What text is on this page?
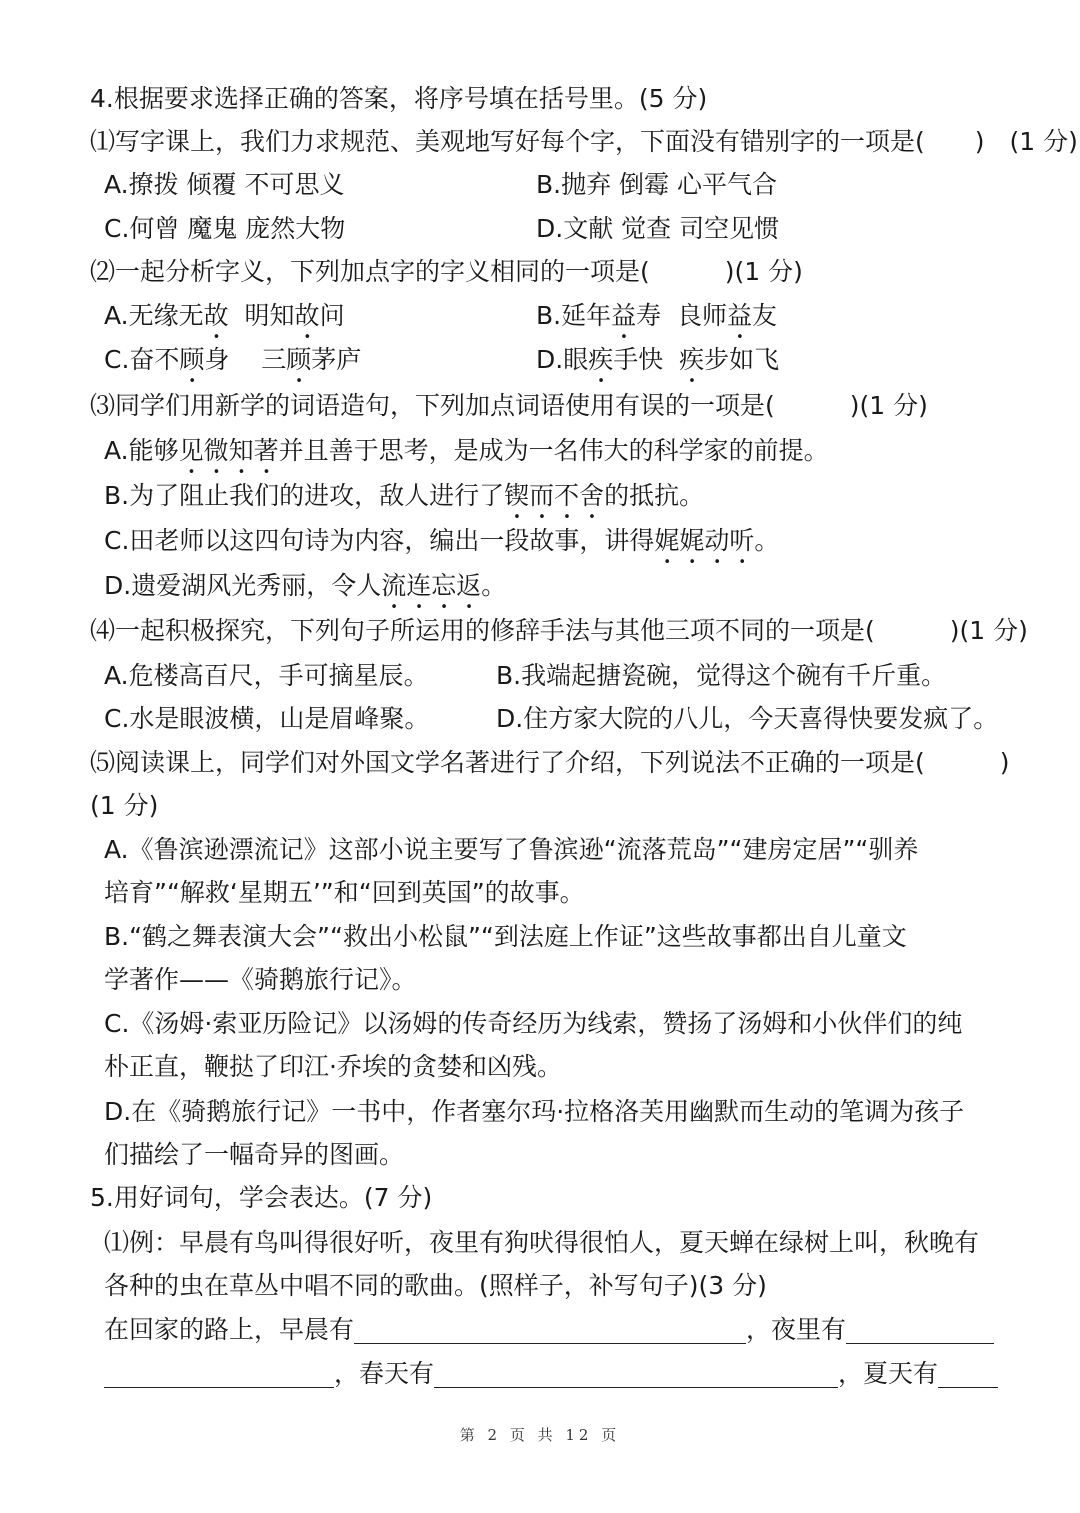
4.根据要求选择正确的答案，将序号填在括号里。(5 分)
⑴写字课上，我们力求规范、美观地写好每个字，下面没有错别字的一项是(　　)　(1 分)
A.撩拨 倾覆 不可思义	B.抛弃 倒霉 心平气合
C.何曾 魔鬼 庞然大物	D.文献 觉查 司空见惯
⑵一起分析字义，下列加点字的字义相同的一项是(　　　)(1 分)
A.无缘无故  明知故问	B.延年益寿  良师益友
C.奋不顾身    三顾茅庐	D.眼疾手快  疾步如飞
⑶同学们用新学的词语造句，下列加点词语使用有误的一项是(　　　)(1 分)
A.能够见微知著并且善于思考，是成为一名伟大的科学家的前提。
B.为了阻止我们的进攻，敌人进行了锲而不舍的抵抗。
C.田老师以这四句诗为内容，编出一段故事，讲得娓娓动听。
D.遗爱湖风光秀丽，令人流连忘返。
⑷一起积极探究，下列句子所运用的修辞手法与其他三项不同的一项是(　　　)(1 分)
A.危楼高百尺，手可摘星辰。	B.我端起搪瓷碗，觉得这个碗有千斤重。
C.水是眼波横，山是眉峰聚。	D.住方家大院的八儿，今天喜得快要发疯了。
⑸阅读课上，同学们对外国文学名著进行了介绍，下列说法不正确的一项是(　　　)
(1 分)
A.《鲁滨逊漂流记》这部小说主要写了鲁滨逊“流落荒岛”“建房定居”“驯养
培育”“解救‘星期五’”和“回到英国”的故事。
B.“鹤之舞表演大会”“救出小松鼠”“到法庭上作证”这些故事都出自儿童文
学著作——《骑鹅旅行记》。
C.《汤姆·索亚历险记》以汤姆的传奇经历为线索，赞扬了汤姆和小伙伴们的纯
朴正直，鞭挞了印江·乔埃的贪婪和凶残。
D.在《骑鹅旅行记》一书中，作者塞尔玛·拉格洛芙用幽默而生动的笔调为孩子
们描绘了一幅奇异的图画。
5.用好词句，学会表达。(7 分)
⑴例：早晨有鸟叫得很好听，夜里有狗吠得很怕人，夏天蝉在绿树上叫，秋晚有
各种的虫在草丛中唱不同的歌曲。(照样子，补写句子)(3 分)
在回家的路上，早晨有	，夜里有
，春天有	，夏天有
第 2 页 共 12 页
